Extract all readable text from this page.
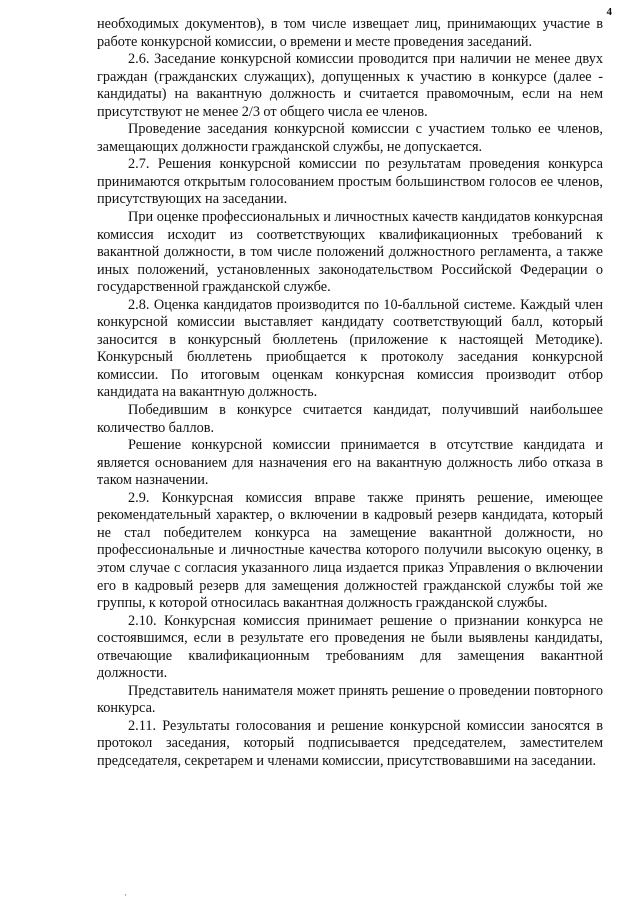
4

необходимых документов), в том числе извещает лиц, принимающих участие в работе конкурсной комиссии, о времени и месте проведения заседаний.

2.6. Заседание конкурсной комиссии проводится при наличии не менее двух граждан (гражданских служащих), допущенных к участию в конкурсе (далее - кандидаты) на вакантную должность и считается правомочным, если на нем присутствуют не менее 2/3 от общего числа ее членов.

Проведение заседания конкурсной комиссии с участием только ее членов, замещающих должности гражданской службы, не допускается.

2.7. Решения конкурсной комиссии по результатам проведения конкурса принимаются открытым голосованием простым большинством голосов ее членов, присутствующих на заседании.

При оценке профессиональных и личностных качеств кандидатов конкурсная комиссия исходит из соответствующих квалификационных требований к вакантной должности, в том числе положений должностного регламента, а также иных положений, установленных законодательством Российской Федерации о государственной гражданской службе.

2.8. Оценка кандидатов производится по 10-балльной системе. Каждый член конкурсной комиссии выставляет кандидату соответствующий балл, который заносится в конкурсный бюллетень (приложение к настоящей Методике). Конкурсный бюллетень приобщается к протоколу заседания конкурсной комиссии. По итоговым оценкам конкурсная комиссия производит отбор кандидата на вакантную должность.

Победившим в конкурсе считается кандидат, получивший наибольшее количество баллов.

Решение конкурсной комиссии принимается в отсутствие кандидата и является основанием для назначения его на вакантную должность либо отказа в таком назначении.

2.9. Конкурсная комиссия вправе также принять решение, имеющее рекомендательный характер, о включении в кадровый резерв кандидата, который не стал победителем конкурса на замещение вакантной должности, но профессиональные и личностные качества которого получили высокую оценку, в этом случае с согласия указанного лица издается приказ Управления о включении его в кадровый резерв для замещения должностей гражданской службы той же группы, к которой относилась вакантная должность гражданской службы.

2.10. Конкурсная комиссия принимает решение о признании конкурса не состоявшимся, если в результате его проведения не были выявлены кандидаты, отвечающие квалификационным требованиям для замещения вакантной должности.

Представитель нанимателя может принять решение о проведении повторного конкурса.

2.11. Результаты голосования и решение конкурсной комиссии заносятся в протокол заседания, который подписывается председателем, заместителем председателя, секретарем и членами комиссии, присутствовавшими на заседании.

·
